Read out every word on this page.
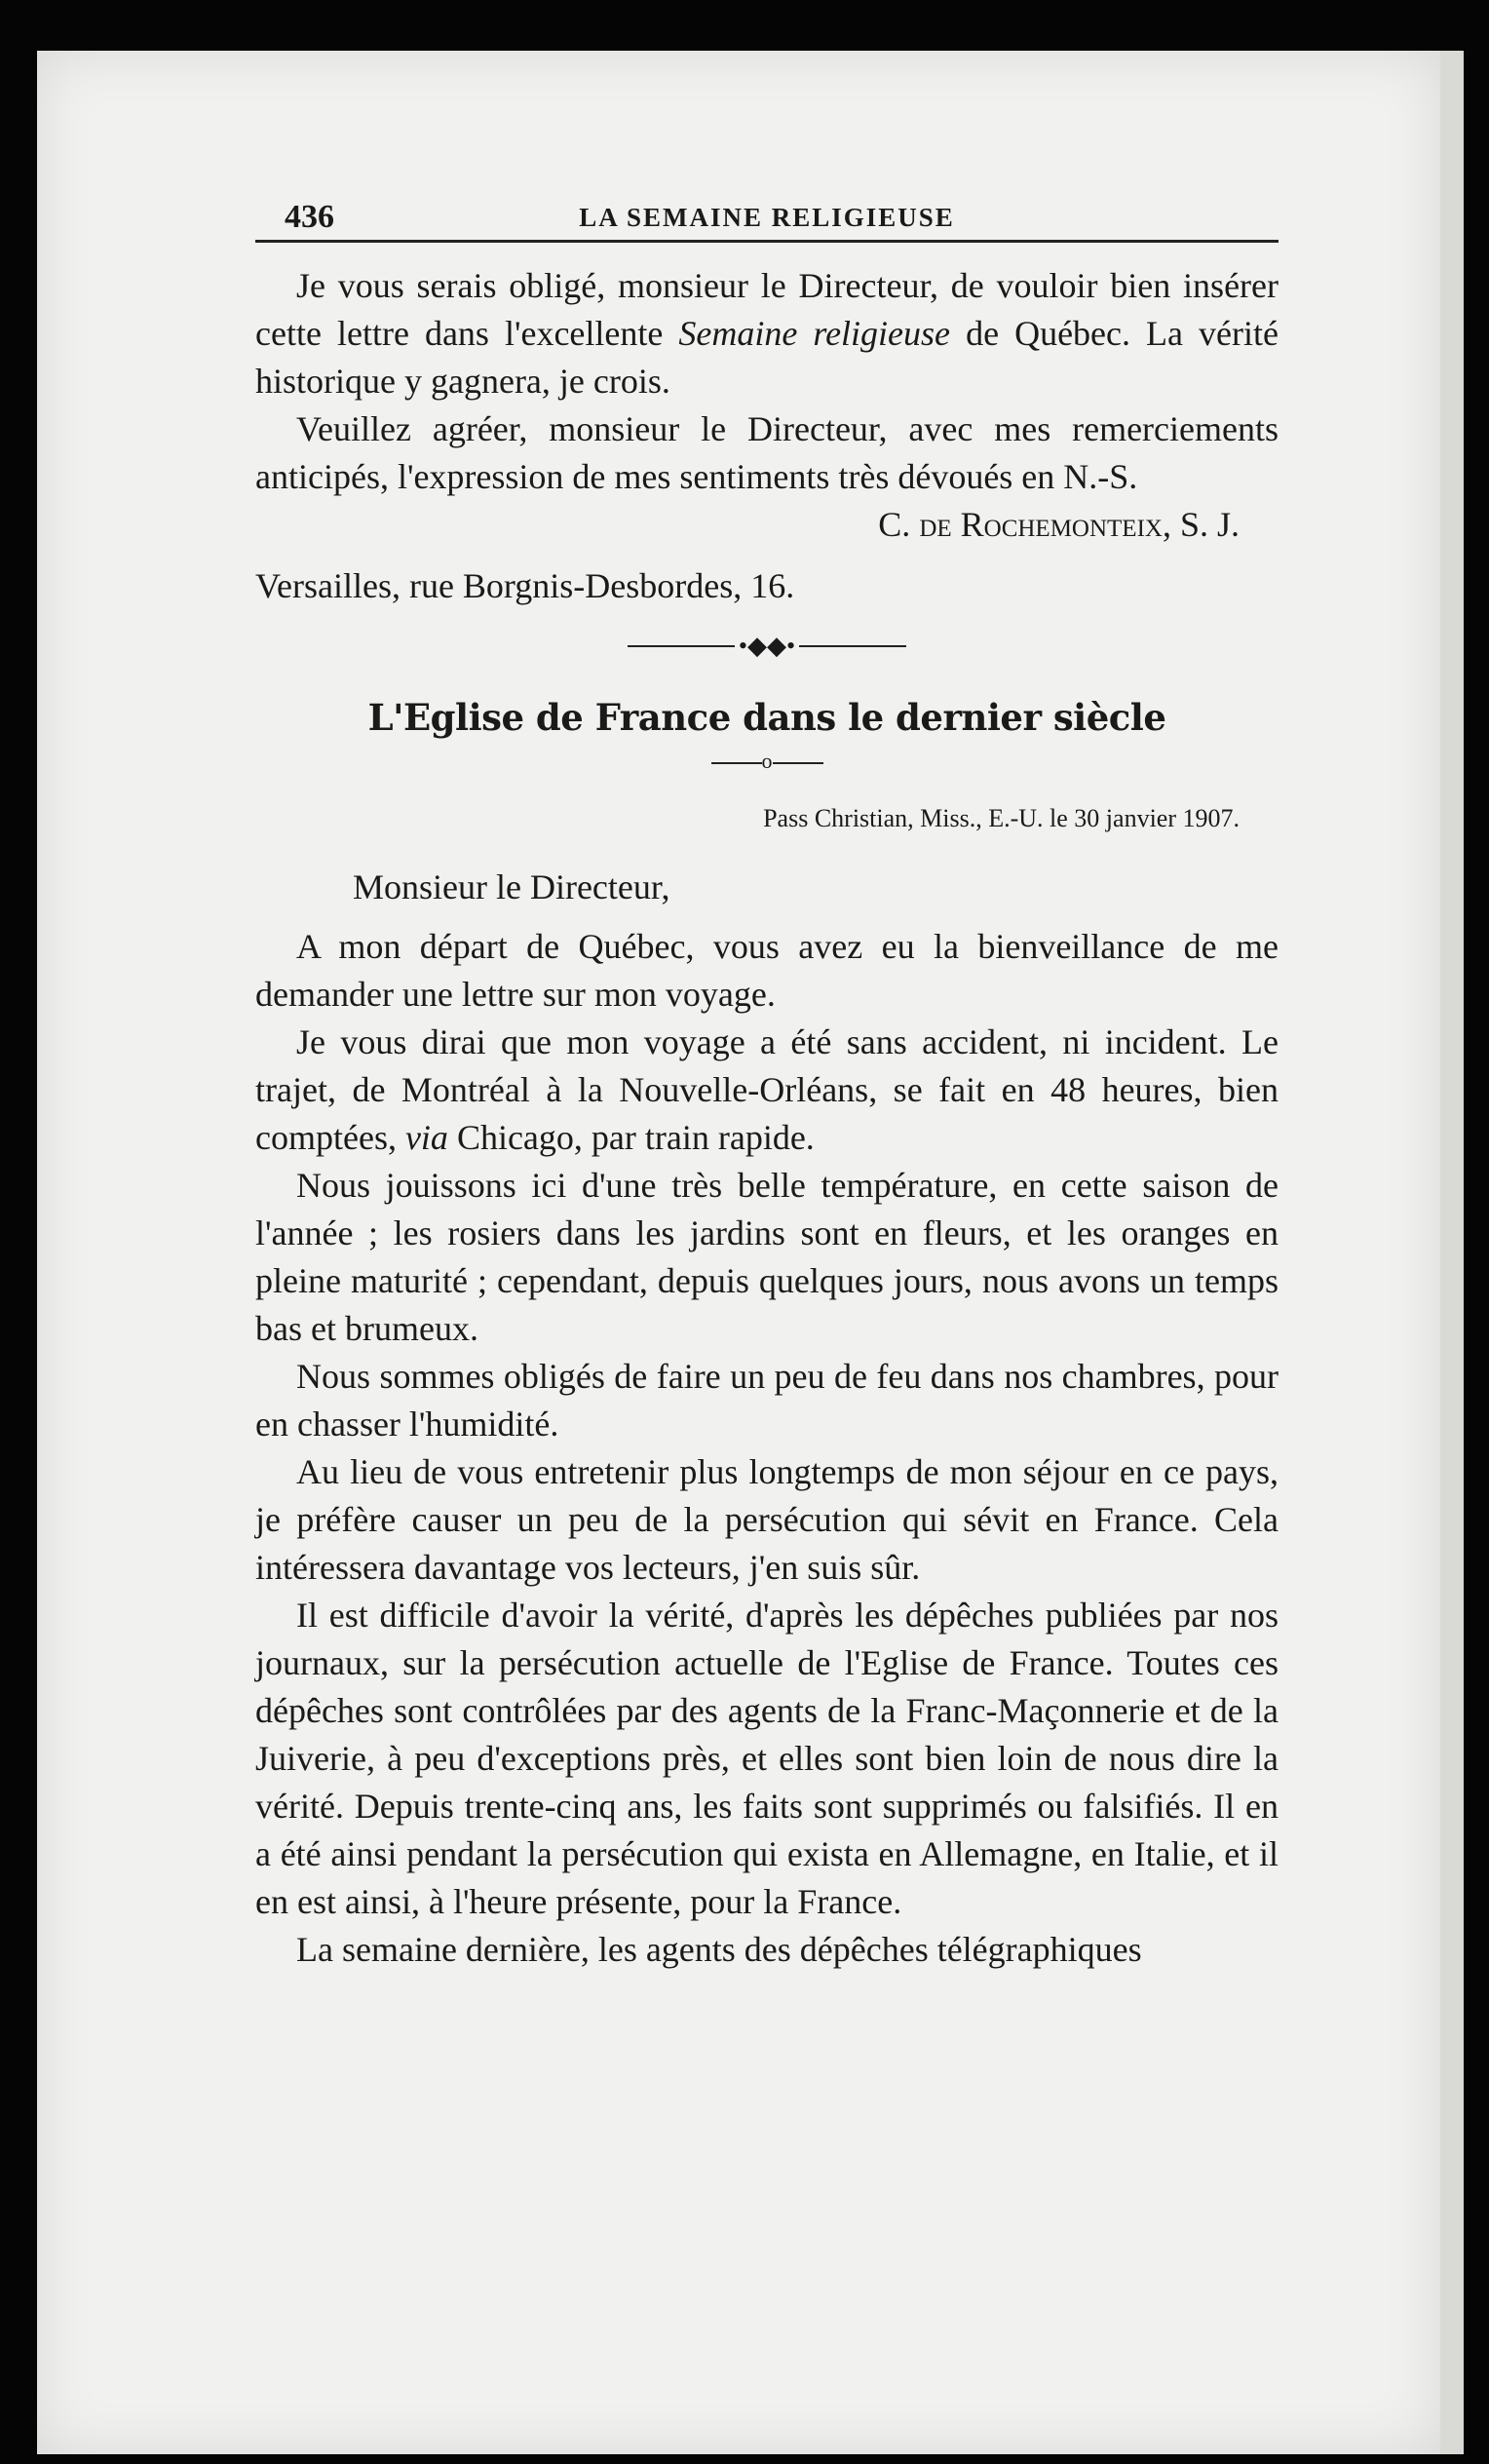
436	LA SEMAINE RELIGIEUSE

Je vous serais obligé, monsieur le Directeur, de vouloir bien insérer cette lettre dans l'excellente Semaine religieuse de Québec. La vérité historique y gagnera, je crois.

Veuillez agréer, monsieur le Directeur, avec mes remerciements anticipés, l'expression de mes sentiments très dévoués en N.-S.

C. de Rochemonteix, S. J.
Versailles, rue Borgnis-Desbordes, 16.
•◆◆•
L'Eglise de France dans le dernier siècle
o
Pass Christian, Miss., E.-U. le 30 janvier 1907.
Monsieur le Directeur,

A mon départ de Québec, vous avez eu la bienveillance de me demander une lettre sur mon voyage.

Je vous dirai que mon voyage a été sans accident, ni incident. Le trajet, de Montréal à la Nouvelle-Orléans, se fait en 48 heures, bien comptées, via Chicago, par train rapide.

Nous jouissons ici d'une très belle température, en cette saison de l'année ; les rosiers dans les jardins sont en fleurs, et les oranges en pleine maturité ; cependant, depuis quelques jours, nous avons un temps bas et brumeux.

Nous sommes obligés de faire un peu de feu dans nos chambres, pour en chasser l'humidité.

Au lieu de vous entretenir plus longtemps de mon séjour en ce pays, je préfère causer un peu de la persécution qui sévit en France. Cela intéressera davantage vos lecteurs, j'en suis sûr.

Il est difficile d'avoir la vérité, d'après les dépêches publiées par nos journaux, sur la persécution actuelle de l'Eglise de France. Toutes ces dépêches sont contrôlées par des agents de la Franc-Maçonnerie et de la Juiverie, à peu d'exceptions près, et elles sont bien loin de nous dire la vérité. Depuis trente-cinq ans, les faits sont supprimés ou falsifiés. Il en a été ainsi pendant la persécution qui exista en Allemagne, en Italie, et il en est ainsi, à l'heure présente, pour la France.

La semaine dernière, les agents des dépêches télégraphiques
